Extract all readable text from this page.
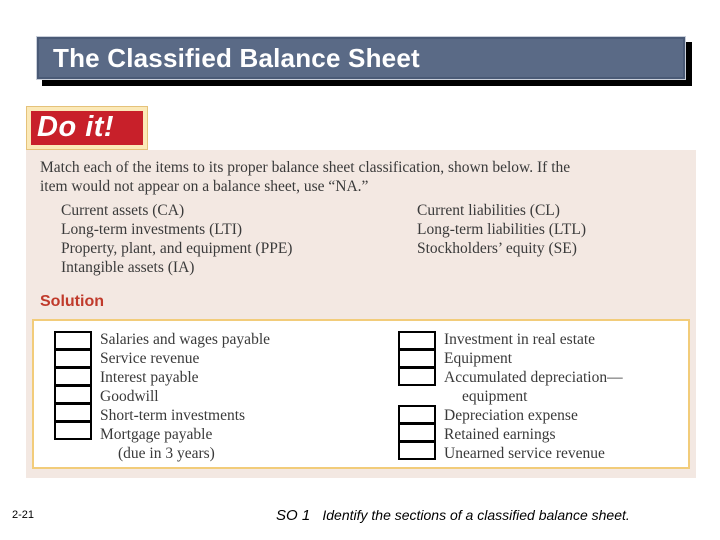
The Classified Balance Sheet
Do it!
Match each of the items to its proper balance sheet classification, shown below. If the
item would not appear on a balance sheet, use “NA.”
Current assets (CA)
Long-term investments (LTI)
Property, plant, and equipment (PPE)
Intangible assets (IA)
Current liabilities (CL)
Long-term liabilities (LTL)
Stockholders’ equity (SE)
Solution
Salaries and wages payable
Service revenue
Interest payable
Goodwill
Short-term investments
Mortgage payable
(due in 3 years)
Investment in real estate
Equipment
Accumulated depreciation—
equipment
Depreciation expense
Retained earnings
Unearned service revenue
2-21	SO 1 Identify the sections of a classified balance sheet.
